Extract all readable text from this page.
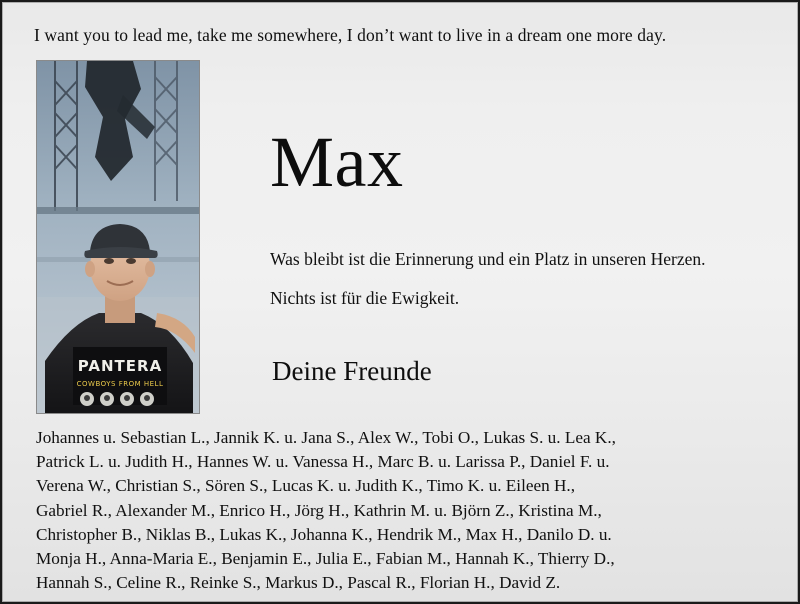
I want you to lead me, take me somewhere, I don’t want to live in a dream one more day.
PANTERA
COWBOYS FROM HELL
Max
Was bleibt ist die Erinnerung und ein Platz in unseren Herzen.
Nichts ist für die Ewigkeit.
Deine Freunde
Johannes u. Sebastian L., Jannik K. u. Jana S., Alex W., Tobi O., Lukas S. u. Lea K.,
Patrick L. u. Judith H., Hannes W. u. Vanessa H., Marc B. u. Larissa P., Daniel F. u.
Verena W., Christian S., Sören S., Lucas K. u. Judith K., Timo K. u. Eileen H.,
Gabriel R., Alexander M., Enrico H., Jörg H., Kathrin M. u. Björn Z., Kristina M.,
Christopher B., Niklas B., Lukas K., Johanna K., Hendrik M., Max H., Danilo D. u.
Monja H., Anna-Maria E., Benjamin E., Julia E., Fabian M., Hannah K., Thierry D.,
Hannah S., Celine R., Reinke S., Markus D., Pascal R., Florian H., David Z.
